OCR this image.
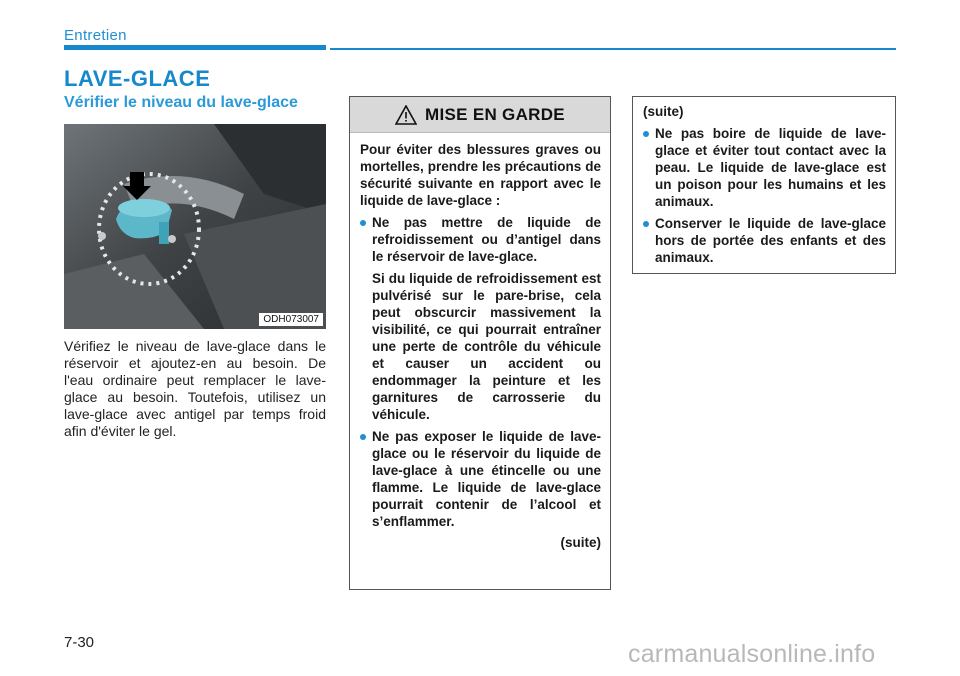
Entretien
LAVE-GLACE
Vérifier le niveau du lave-glace
ODH073007
Vérifiez le niveau de lave-glace dans le réservoir et ajoutez-en au besoin. De l'eau ordinaire peut remplacer le lave-glace au besoin. Toutefois, utilisez un lave-glace avec antigel par temps froid afin d'éviter le gel.
MISE EN GARDE
Pour éviter des blessures graves ou mortelles, prendre les précautions de sécurité suivante en rapport avec le liquide de lave-glace :
Ne pas mettre de liquide de refroidissement ou d’antigel dans le réservoir de lave-glace.
Si du liquide de refroidissement est pulvérisé sur le pare-brise, cela peut obscurcir massivement la visibilité, ce qui pourrait entraîner une perte de contrôle du véhicule et causer un accident ou endommager la peinture et les garnitures de carrosserie du véhicule.
Ne pas exposer le liquide de lave-glace ou le réservoir du liquide de lave-glace à une étincelle ou une flamme. Le liquide de lave-glace pourrait contenir de l’alcool et s’enflammer.
(suite)
(suite)
Ne pas boire de liquide de lave-glace et éviter tout contact avec la peau. Le liquide de lave-glace est un poison pour les humains et les animaux.
Conserver le liquide de lave-glace hors de portée des enfants et des animaux.
7-30	carmanualsonline.info
